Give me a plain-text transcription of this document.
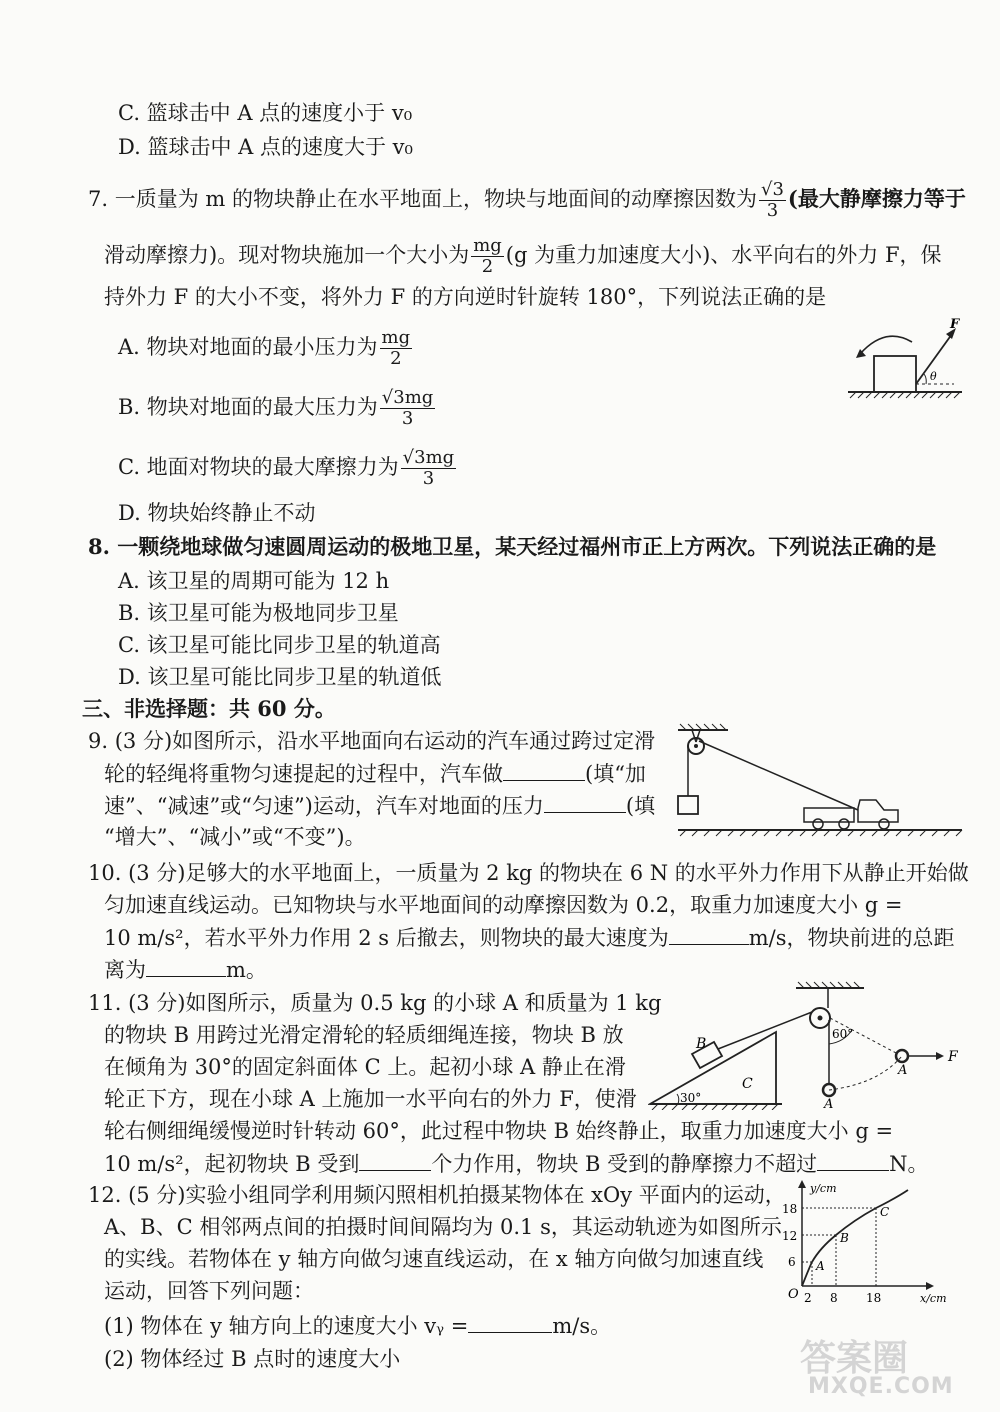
C. 篮球击中 A 点的速度小于 v₀
D. 篮球击中 A 点的速度大于 v₀
7. 一质量为 m 的物块静止在水平地面上，物块与地面间的动摩擦因数为 $\frac{√3}{3}$ (最大静摩擦力等于
滑动摩擦力)。现对物块施加一个大小为 $\frac{mg}{2} (g$ 为重力加速度大小)、水平向右的外力 F，保
持外力 F 的大小不变，将外力 F 的方向逆时针旋转 180°，下列说法正确的是
A. 物块对地面的最小压力为 $\frac{mg}{2}$
B. 物块对地面的最大压力为 $\frac{√3mg}{3}$
C. 地面对物块的最大摩擦力为 $\frac{√3mg}{3}$
D. 物块始终静止不动
F
θ
8. 一颗绕地球做匀速圆周运动的极地卫星，某天经过福州市正上方两次。下列说法正确的是
A. 该卫星的周期可能为 12 h
B. 该卫星可能为极地同步卫星
C. 该卫星可能比同步卫星的轨道高
D. 该卫星可能比同步卫星的轨道低
三、非选择题：共 60 分。
9. (3 分)如图所示，沿水平地面向右运动的汽车通过跨过定滑
轮的轻绳将重物匀速提起的过程中，汽车做	(填“加
速”、“减速”或“匀速”)运动，汽车对地面的压力	(填
“增大”、“减小”或“不变”)。
10. (3 分)足够大的水平地面上，一质量为 2 kg 的物块在 6 N 的水平外力作用下从静止开始做
匀加速直线运动。已知物块与水平地面间的动摩擦因数为 0.2，取重力加速度大小 g =
10 m/s²，若水平外力作用 2 s 后撤去，则物块的最大速度为	m/s，物块前进的总距
离为	m。
11. (3 分)如图所示，质量为 0.5 kg 的小球 A 和质量为 1 kg
的物块 B 用跨过光滑定滑轮的轻质细绳连接，物块 B 放
在倾角为 30°的固定斜面体 C 上。起初小球 A 静止在滑
轮正下方，现在小球 A 上施加一水平向右的外力 F，使滑
轮右侧细绳缓慢逆时针转动 60°，此过程中物块 B 始终静止，取重力加速度大小 g =
10 m/s²，起初物块 B 受到	个力作用，物块 B 受到的静摩擦力不超过	N。
B
C
30°	A
A
60°
F
12. (5 分)实验小组同学利用频闪照相机拍摄某物体在 xOy 平面内的运动，
A、B、C 相邻两点间的拍摄时间间隔均为 0.1 s，其运动轨迹为如图所示
的实线。若物体在 y 轴方向做匀速直线运动，在 x 轴方向做匀加速直线
运动，回答下列问题：
(1) 物体在 y 轴方向上的速度大小 vᵧ =	m/s。
(2) 物体经过 B 点时的速度大小
y/cm
x/cm
O
6
12
18
2 8 18
A
B
C
答案圈
MXQE.COM
